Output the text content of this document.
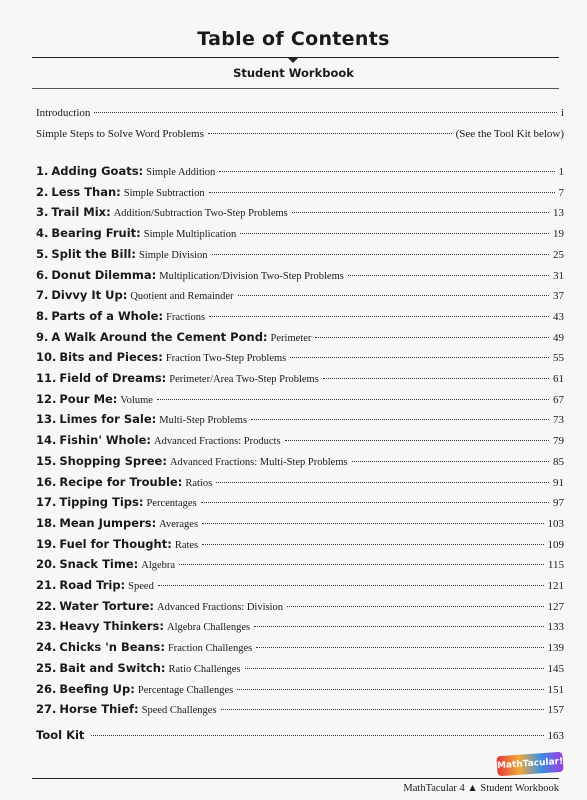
Table of Contents
Student Workbook
Introduction	i
Simple Steps to Solve Word Problems	(See the Tool Kit below)
1. Adding Goats: Simple Addition	1
2. Less Than: Simple Subtraction	7
3. Trail Mix: Addition/Subtraction Two-Step Problems	13
4. Bearing Fruit: Simple Multiplication	19
5. Split the Bill: Simple Division	25
6. Donut Dilemma: Multiplication/Division Two-Step Problems	31
7. Divvy It Up: Quotient and Remainder	37
8. Parts of a Whole: Fractions	43
9. A Walk Around the Cement Pond: Perimeter	49
10. Bits and Pieces: Fraction Two-Step Problems	55
11. Field of Dreams: Perimeter/Area Two-Step Problems	61
12. Pour Me: Volume	67
13. Limes for Sale: Multi-Step Problems	73
14. Fishin' Whole: Advanced Fractions: Products	79
15. Shopping Spree: Advanced Fractions: Multi-Step Problems	85
16. Recipe for Trouble: Ratios	91
17. Tipping Tips: Percentages	97
18. Mean Jumpers: Averages	103
19. Fuel for Thought: Rates	109
20. Snack Time: Algebra	115
21. Road Trip: Speed	121
22. Water Torture: Advanced Fractions: Division	127
23. Heavy Thinkers: Algebra Challenges	133
24. Chicks 'n Beans: Fraction Challenges	139
25. Bait and Switch: Ratio Challenges	145
26. Beefing Up: Percentage Challenges	151
27. Horse Thief: Speed Challenges	157
Tool Kit	163
MathTacular!
MathTacular 4 ▲ Student Workbook
